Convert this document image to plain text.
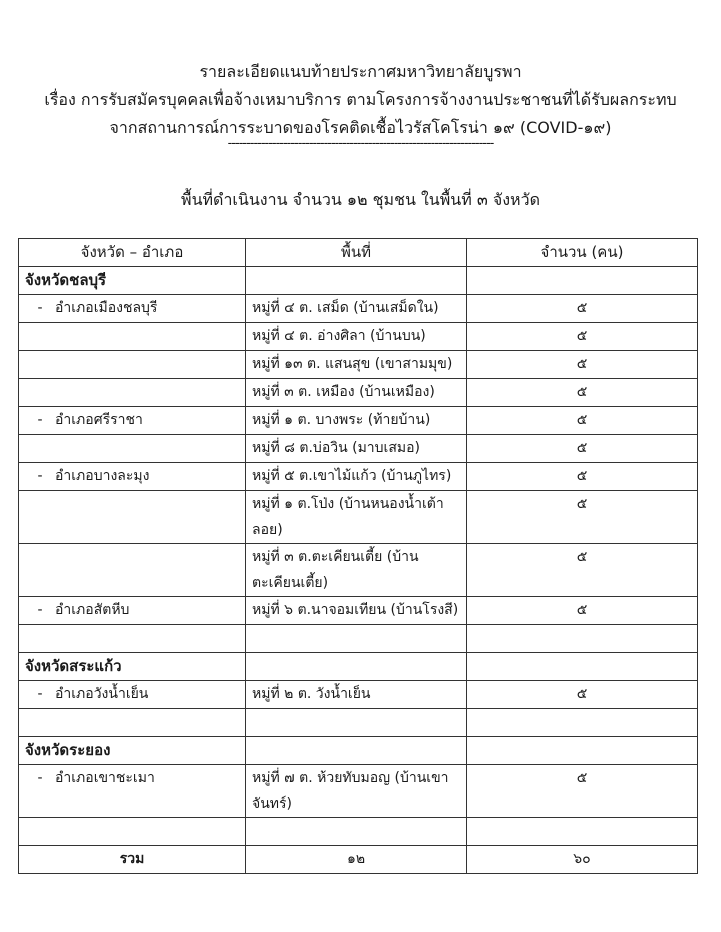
รายละเอียดแนบท้ายประกาศมหาวิทยาลัยบูรพา
เรื่อง การรับสมัครบุคคลเพื่อจ้างเหมาบริการ ตามโครงการจ้างงานประชาชนที่ได้รับผลกระทบ
จากสถานการณ์การระบาดของโรคติดเชื้อไวรัสโคโรน่า ๑๙ (COVID-๑๙)
------------------------------------------------------------------------
พื้นที่ดำเนินงาน จำนวน ๑๒ ชุมชน ในพื้นที่ ๓ จังหวัด
จังหวัด – อำเภอ	พื้นที่	จำนวน (คน)
จังหวัดชลบุรี		
- อำเภอเมืองชลบุรี	หมู่ที่ ๔ ต. เสม็ด (บ้านเสม็ดใน)	๕
	หมู่ที่ ๔ ต. อ่างศิลา (บ้านบน)	๕
	หมู่ที่ ๑๓ ต. แสนสุข (เขาสามมุข)	๕
	หมู่ที่ ๓ ต. เหมือง (บ้านเหมือง)	๕
- อำเภอศรีราชา	หมู่ที่ ๑ ต. บางพระ (ท้ายบ้าน)	๕
	หมู่ที่ ๘ ต.บ่อวิน (มาบเสมอ)	๕
- อำเภอบางละมุง	หมู่ที่ ๕ ต.เขาไม้แก้ว (บ้านภูไทร)	๕
	หมู่ที่ ๑ ต.โป่ง (บ้านหนองน้ำเต้าลอย)	๕
	หมู่ที่ ๓ ต.ตะเคียนเตี้ย (บ้านตะเคียนเตี้ย)	๕
- อำเภอสัตหีบ	หมู่ที่ ๖ ต.นาจอมเทียน (บ้านโรงสี)	๕

จังหวัดสระแก้ว		
- อำเภอวังน้ำเย็น	หมู่ที่ ๒ ต. วังน้ำเย็น	๕

จังหวัดระยอง		
- อำเภอเขาชะเมา	หมู่ที่ ๗ ต. ห้วยทับมอญ (บ้านเขาจันทร์)	๕

รวม	๑๒	๖๐
